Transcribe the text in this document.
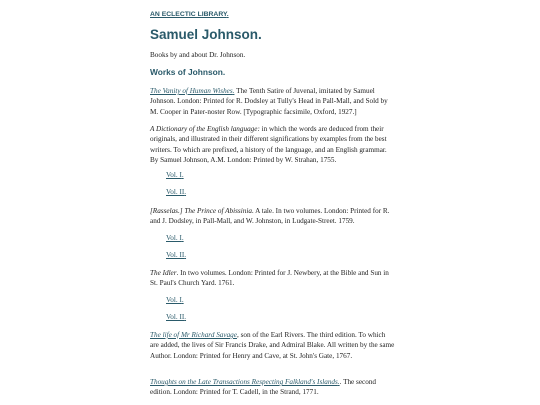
AN ECLECTIC LIBRARY.
Samuel Johnson.
Books by and about Dr. Johnson.
Works of Johnson.

The Vanity of Human Wishes. The Tenth Satire of Juvenal, imitated by Samuel Johnson. London: Printed for R. Dodsley at Tully's Head in Pall-Mall, and Sold by M. Cooper in Pater-noster Row. [Typographic facsimile, Oxford, 1927.]

A Dictionary of the English language: in which the words are deduced from their originals, and illustrated in their different significations by examples from the best writers. To which are prefixed, a history of the language, and an English grammar. By Samuel Johnson, A.M. London: Printed by W. Strahan, 1755.

Vol. I.
Vol. II.

[Rasselas.] The Prince of Abissinia. A tale. In two volumes. London: Printed for R. and J. Dodsley, in Pall-Mall, and W. Johnston, in Ludgate-Street. 1759.

Vol. I.
Vol. II.

The Idler. In two volumes. London: Printed for J. Newbery, at the Bible and Sun in St. Paul's Church Yard. 1761.

Vol. I.
Vol. II.

The life of Mr Richard Savage, son of the Earl Rivers. The third edition. To which are added, the lives of Sir Francis Drake, and Admiral Blake. All written by the same Author. London: Printed for Henry and Cave, at St. John's Gate, 1767.

Thoughts on the Late Transactions Respecting Falkland's Islands.. The second edition. London: Printed for T. Cadell, in the Strand, 1771.
